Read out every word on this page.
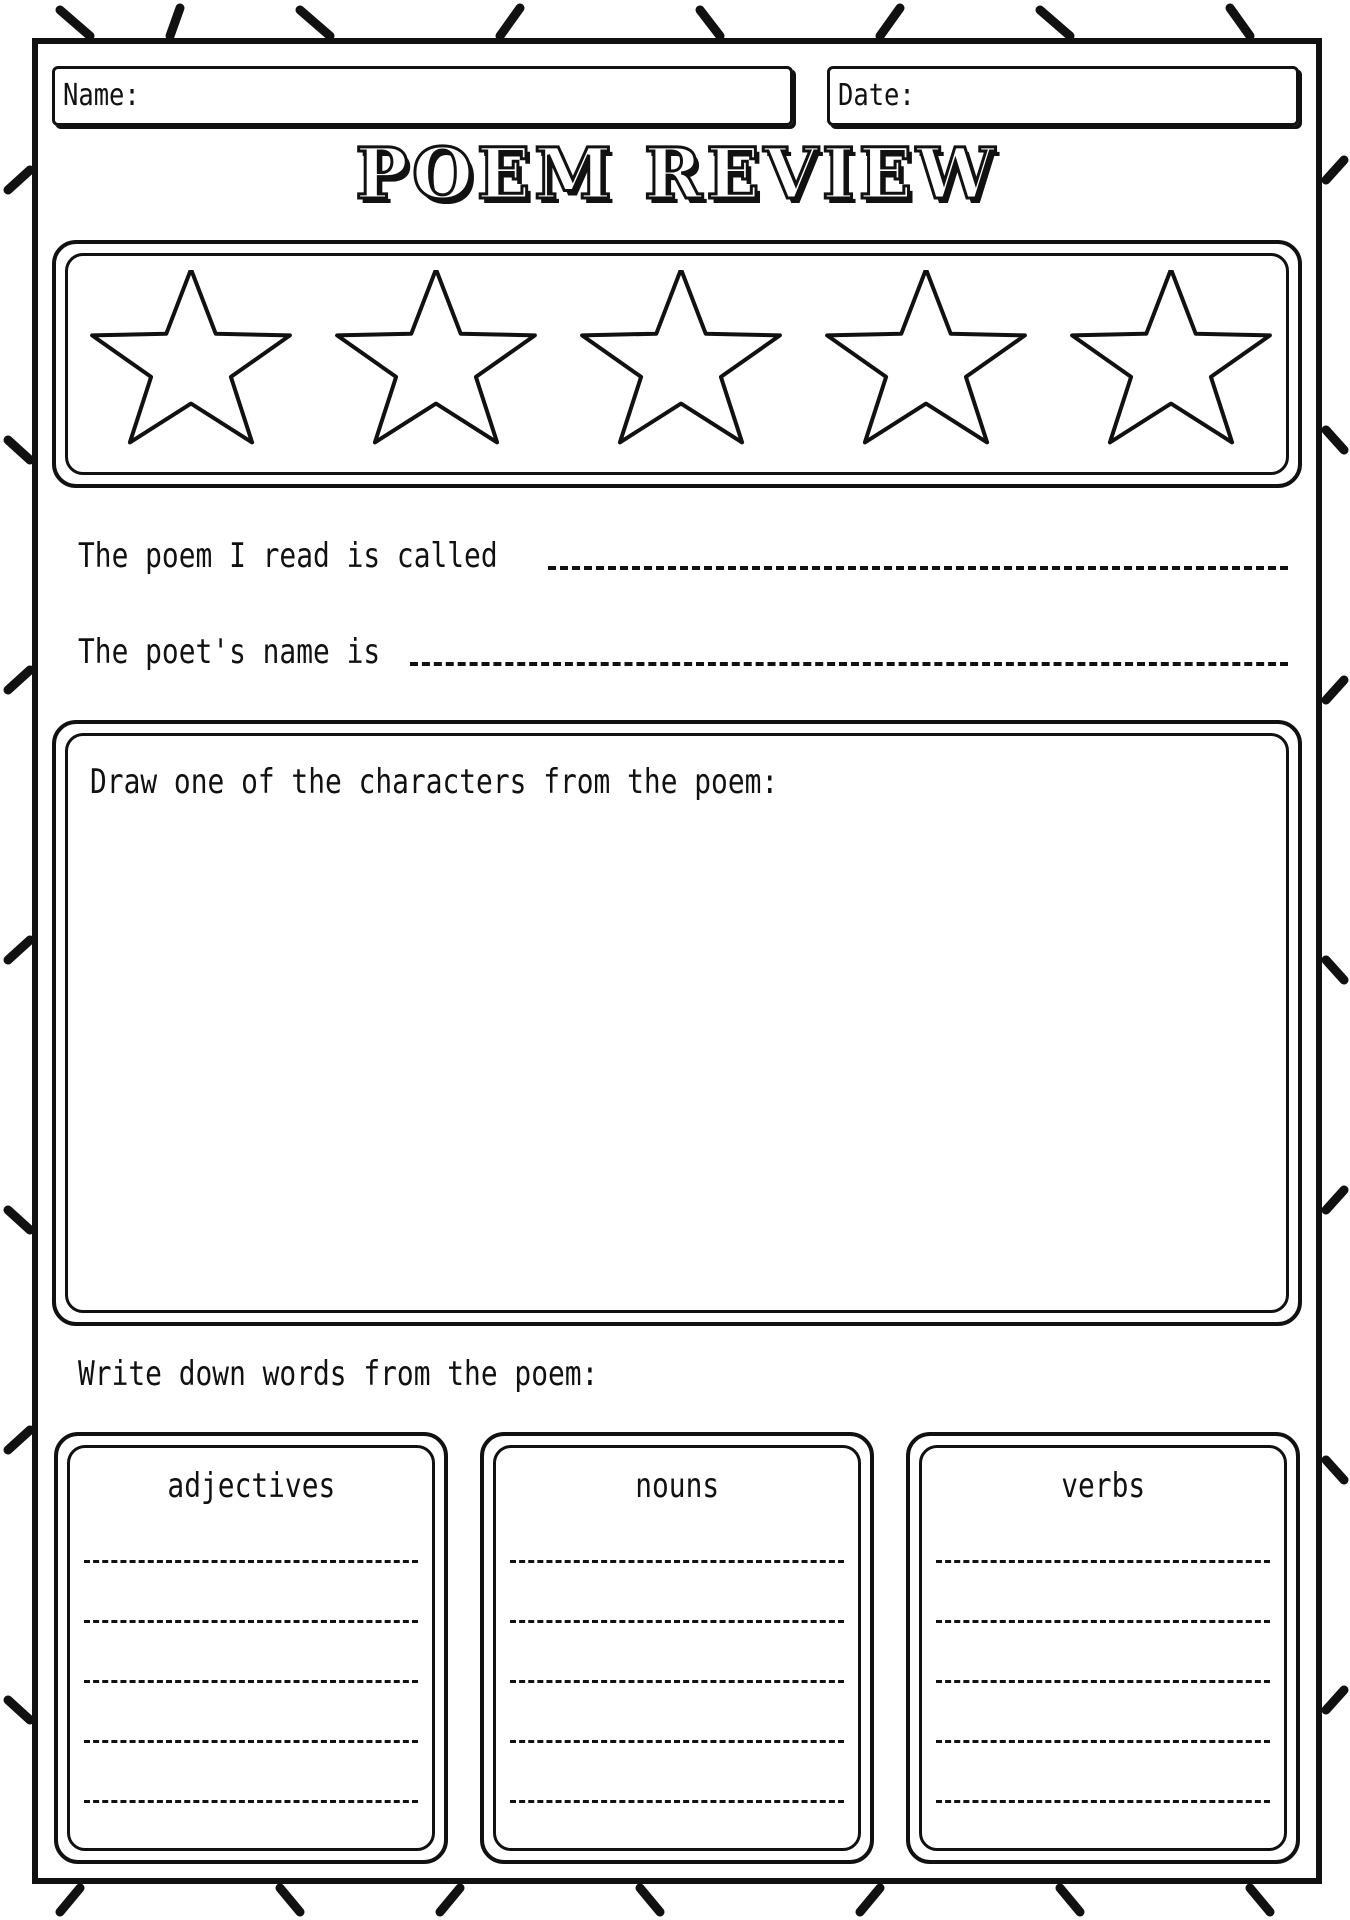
Name:	Date:
POEM REVIEW
The poem I read is called
The poet's name is
Draw one of the characters from the poem:
Write down words from the poem:
adjectives	nouns	verbs
